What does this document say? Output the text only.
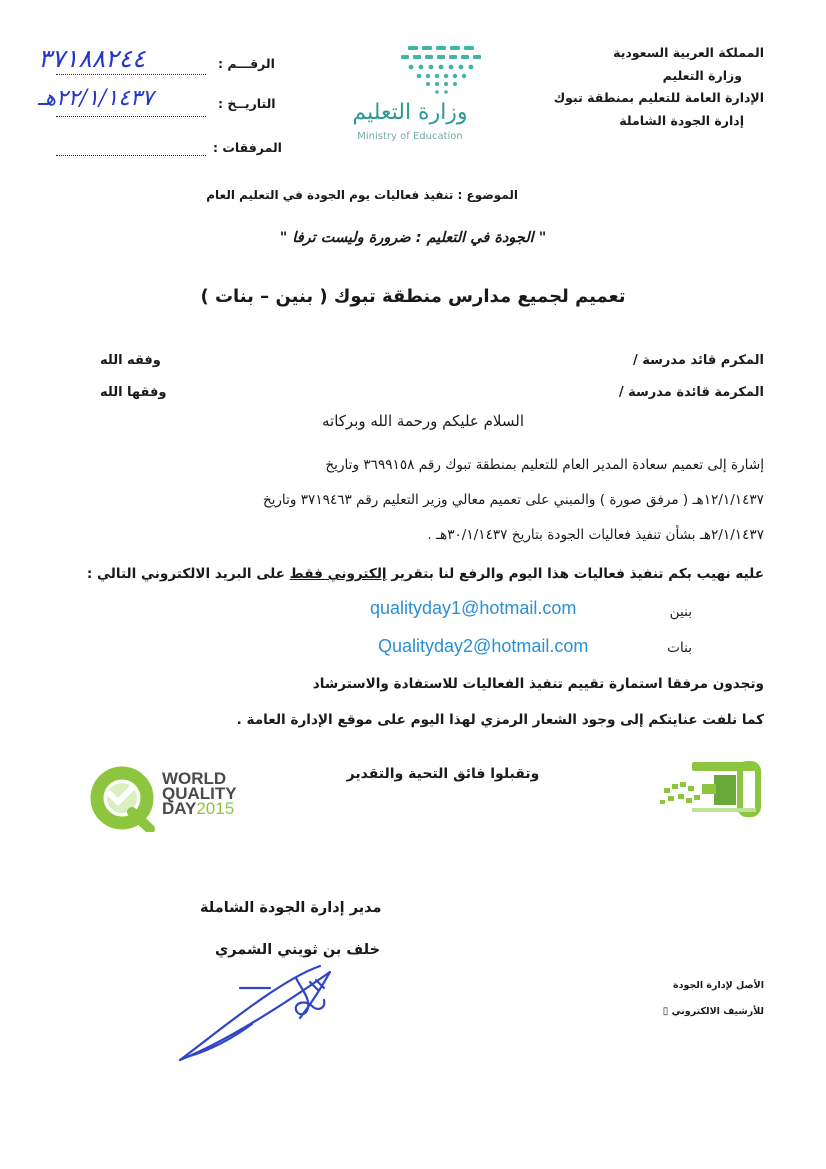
المملكة العربية السعودية
وزارة التعليم
الإدارة العامة للتعليم بمنطقة تبوك
إدارة الجودة الشاملة
وزارة التعليم
Ministry of Education
الرقـــم :
٣٧١٨٨٢٤٤
التاريــخ :
٢٢/١/١٤٣٧هـ
المرفقات :
الموضوع : تنفيذ فعاليات يوم الجودة في التعليم العام
" الجودة في التعليم : ضرورة وليست ترفا "
تعميم لجميع مدارس منطقة تبوك ( بنين – بنات )
المكرم قائد مدرسة /
وفقه الله
المكرمة قائدة مدرسة /
وفقها الله
السلام عليكم ورحمة الله وبركاته
إشارة إلى تعميم سعادة المدير العام للتعليم بمنطقة تبوك رقم ٣٦٩٩١٥٨ وتاريخ
١٢/١/١٤٣٧هـ ( مرفق صورة ) والمبني على تعميم معالي وزير التعليم رقم ٣٧١٩٤٦٣ وتاريخ
٢/١/١٤٣٧هـ بشأن تنفيذ فعاليات الجودة بتاريخ ٣٠/١/١٤٣٧هـ .
عليه نهيب بكم تنفيذ فعاليات هذا اليوم والرفع لنا بتقرير إلكتروني فقط على البريد الالكتروني التالي :
بنين
qualityday1@hotmail.com
بنات
Qualityday2@hotmail.com
وتجدون مرفقا استمارة تقييم تنفيذ الفعاليات للاستفادة والاسترشاد
كما نلفت عنايتكم إلى وجود الشعار الرمزي لهذا اليوم على موقع الإدارة العامة .
وتقبلوا فائق التحية والتقدير
WORLD
QUALITY
DAY2015
مدير إدارة الجودة الشاملة
خلف بن ثويني الشمري
الأصل لإدارة الجودة
للأرشيف الالكتروني ▯
